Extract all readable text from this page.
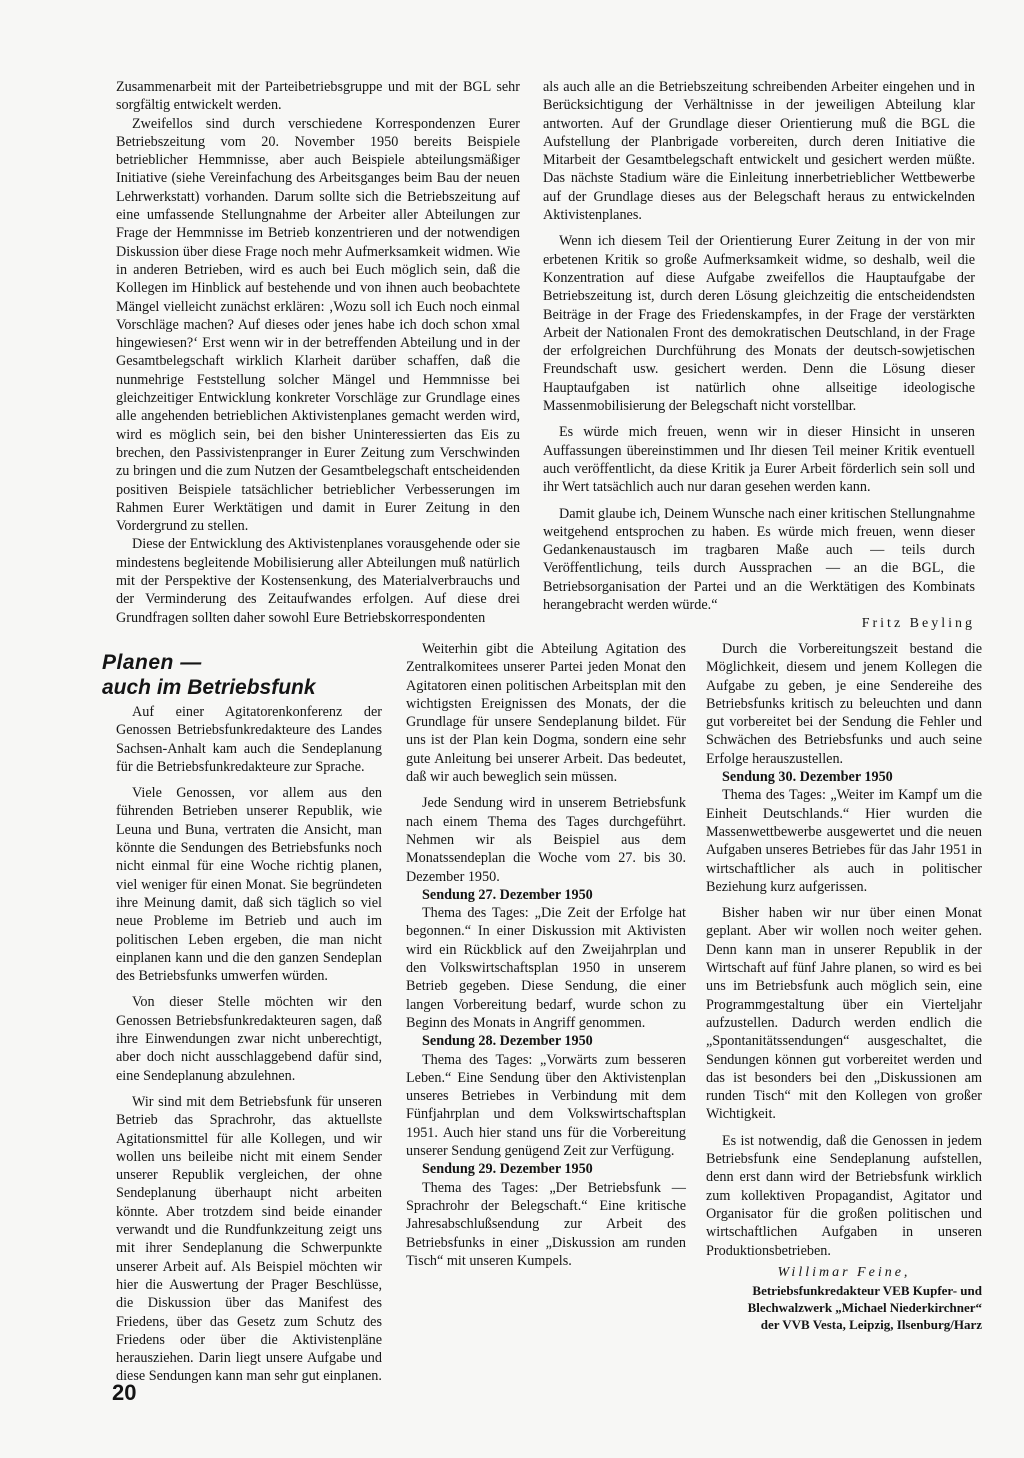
Zusammenarbeit mit der Parteibetriebsgruppe und mit der BGL sehr sorgfältig entwickelt werden.

Zweifellos sind durch verschiedene Korrespondenzen Eurer Betriebszeitung vom 20. November 1950 bereits Beispiele betrieblicher Hemmnisse, aber auch Beispiele abteilungsmäßiger Initiative (siehe Vereinfachung des Arbeitsganges beim Bau der neuen Lehrwerkstatt) vorhanden. Darum sollte sich die Betriebszeitung auf eine umfassende Stellungnahme der Arbeiter aller Abteilungen zur Frage der Hemmnisse im Betrieb konzentrieren und der notwendigen Diskussion über diese Frage noch mehr Aufmerksamkeit widmen. Wie in anderen Betrieben, wird es auch bei Euch möglich sein, daß die Kollegen im Hinblick auf bestehende und von ihnen auch beobachtete Mängel vielleicht zunächst erklären: ‚Wozu soll ich Euch noch einmal Vorschläge machen? Auf dieses oder jenes habe ich doch schon xmal hingewiesen?‘ Erst wenn wir in der betreffenden Abteilung und in der Gesamtbelegschaft wirklich Klarheit darüber schaffen, daß die nunmehrige Feststellung solcher Mängel und Hemmnisse bei gleichzeitiger Entwicklung konkreter Vorschläge zur Grundlage eines alle angehenden betrieblichen Aktivistenplanes gemacht werden wird, wird es möglich sein, bei den bisher Uninteressierten das Eis zu brechen, den Passivistenpranger in Eurer Zeitung zum Verschwinden zu bringen und die zum Nutzen der Gesamtbelegschaft entscheidenden positiven Beispiele tatsächlicher betrieblicher Verbesserungen im Rahmen Eurer Werktätigen und damit in Eurer Zeitung in den Vordergrund zu stellen.

Diese der Entwicklung des Aktivistenplanes vorausgehende oder sie mindestens begleitende Mobilisierung aller Abteilungen muß natürlich mit der Perspektive der Kostensenkung, des Materialverbrauchs und der Verminderung des Zeitaufwandes erfolgen. Auf diese drei Grundfragen sollten daher sowohl Eure Betriebskorrespondenten

als auch alle an die Betriebszeitung schreibenden Arbeiter eingehen und in Berücksichtigung der Verhältnisse in der jeweiligen Abteilung klar antworten. Auf der Grundlage dieser Orientierung muß die BGL die Aufstellung der Planbrigade vorbereiten, durch deren Initiative die Mitarbeit der Gesamtbelegschaft entwickelt und gesichert werden müßte. Das nächste Stadium wäre die Einleitung innerbetrieblicher Wettbewerbe auf der Grundlage dieses aus der Belegschaft heraus zu entwickelnden Aktivistenplanes.

Wenn ich diesem Teil der Orientierung Eurer Zeitung in der von mir erbetenen Kritik so große Aufmerksamkeit widme, so deshalb, weil die Konzentration auf diese Aufgabe zweifellos die Hauptaufgabe der Betriebszeitung ist, durch deren Lösung gleichzeitig die entscheidendsten Beiträge in der Frage des Friedenskampfes, in der Frage der verstärkten Arbeit der Nationalen Front des demokratischen Deutschland, in der Frage der erfolgreichen Durchführung des Monats der deutsch-sowjetischen Freundschaft usw. gesichert werden. Denn die Lösung dieser Hauptaufgaben ist natürlich ohne allseitige ideologische Massenmobilisierung der Belegschaft nicht vorstellbar.

Es würde mich freuen, wenn wir in dieser Hinsicht in unseren Auffassungen übereinstimmen und Ihr diesen Teil meiner Kritik eventuell auch veröffentlicht, da diese Kritik ja Eurer Arbeit förderlich sein soll und ihr Wert tatsächlich auch nur daran gesehen werden kann.

Damit glaube ich, Deinem Wunsche nach einer kritischen Stellungnahme weitgehend entsprochen zu haben. Es würde mich freuen, wenn dieser Gedankenaustausch im tragbaren Maße auch — teils durch Veröffentlichung, teils durch Aussprachen — an die BGL, die Betriebsorganisation der Partei und an die Werktätigen des Kombinats herangebracht werden würde.“

Fritz Beyling
Planen —
auch im Betriebsfunk

Auf einer Agitatorenkonferenz der Genossen Betriebsfunkredakteure des Landes Sachsen-Anhalt kam auch die Sendeplanung für die Betriebsfunkredakteure zur Sprache.

Viele Genossen, vor allem aus den führenden Betrieben unserer Republik, wie Leuna und Buna, vertraten die Ansicht, man könnte die Sendungen des Betriebsfunks noch nicht einmal für eine Woche richtig planen, viel weniger für einen Monat. Sie begründeten ihre Meinung damit, daß sich täglich so viel neue Probleme im Betrieb und auch im politischen Leben ergeben, die man nicht einplanen kann und die den ganzen Sendeplan des Betriebsfunks umwerfen würden.

Von dieser Stelle möchten wir den Genossen Betriebsfunkredakteuren sagen, daß ihre Einwendungen zwar nicht unberechtigt, aber doch nicht ausschlaggebend dafür sind, eine Sendeplanung abzulehnen.

Wir sind mit dem Betriebsfunk für unseren Betrieb das Sprachrohr, das aktuellste Agitationsmittel für alle Kollegen, und wir wollen uns beileibe nicht mit einem Sender unserer Republik vergleichen, der ohne Sendeplanung überhaupt nicht arbeiten könnte. Aber trotzdem sind beide einander verwandt und die Rundfunkzeitung zeigt uns mit ihrer Sendeplanung die Schwerpunkte unserer Arbeit auf. Als Beispiel möchten wir hier die Auswertung der Prager Beschlüsse, die Diskussion über das Manifest des Friedens, über das Gesetz zum Schutz des Friedens oder über die Aktivistenpläne herausziehen. Darin liegt unsere Aufgabe und diese Sendungen kann man sehr gut einplanen.

Weiterhin gibt die Abteilung Agitation des Zentralkomitees unserer Partei jeden Monat den Agitatoren einen politischen Arbeitsplan mit den wichtigsten Ereignissen des Monats, der die Grundlage für unsere Sendeplanung bildet. Für uns ist der Plan kein Dogma, sondern eine sehr gute Anleitung bei unserer Arbeit. Das bedeutet, daß wir auch beweglich sein müssen.

Jede Sendung wird in unserem Betriebsfunk nach einem Thema des Tages durchgeführt. Nehmen wir als Beispiel aus dem Monatssendeplan die Woche vom 27. bis 30. Dezember 1950.

Sendung 27. Dezember 1950

Thema des Tages: „Die Zeit der Erfolge hat begonnen.“ In einer Diskussion mit Aktivisten wird ein Rückblick auf den Zweijahrplan und den Volkswirtschaftsplan 1950 in unserem Betrieb gegeben. Diese Sendung, die einer langen Vorbereitung bedarf, wurde schon zu Beginn des Monats in Angriff genommen.

Sendung 28. Dezember 1950

Thema des Tages: „Vorwärts zum besseren Leben.“ Eine Sendung über den Aktivistenplan unseres Betriebes in Verbindung mit dem Fünfjahrplan und dem Volkswirtschaftsplan 1951. Auch hier stand uns für die Vorbereitung unserer Sendung genügend Zeit zur Verfügung.

Sendung 29. Dezember 1950

Thema des Tages: „Der Betriebsfunk — Sprachrohr der Belegschaft.“ Eine kritische Jahresabschlußsendung zur Arbeit des Betriebsfunks in einer „Diskussion am runden Tisch“ mit unseren Kumpels.

Durch die Vorbereitungszeit bestand die Möglichkeit, diesem und jenem Kollegen die Aufgabe zu geben, je eine Sendereihe des Betriebsfunks kritisch zu beleuchten und dann gut vorbereitet bei der Sendung die Fehler und Schwächen des Betriebsfunks und auch seine Erfolge herauszustellen.

Sendung 30. Dezember 1950

Thema des Tages: „Weiter im Kampf um die Einheit Deutschlands.“ Hier wurden die Massenwettbewerbe ausgewertet und die neuen Aufgaben unseres Betriebes für das Jahr 1951 in wirtschaftlicher als auch in politischer Beziehung kurz aufgerissen.

Bisher haben wir nur über einen Monat geplant. Aber wir wollen noch weiter gehen. Denn kann man in unserer Republik in der Wirtschaft auf fünf Jahre planen, so wird es bei uns im Betriebsfunk auch möglich sein, eine Programmgestaltung über ein Vierteljahr aufzustellen. Dadurch werden endlich die „Spontanitätssendungen“ ausgeschaltet, die Sendungen können gut vorbereitet werden und das ist besonders bei den „Diskussionen am runden Tisch“ mit den Kollegen von großer Wichtigkeit.

Es ist notwendig, daß die Genossen in jedem Betriebsfunk eine Sendeplanung aufstellen, denn erst dann wird der Betriebsfunk wirklich zum kollektiven Propagandist, Agitator und Organisator für die großen politischen und wirtschaftlichen Aufgaben in unseren Produktionsbetrieben.

Willimar Feine,
Betriebsfunkredakteur VEB Kupfer- und
Blechwalzwerk „Michael Niederkirchner“
der VVB Vesta, Leipzig, Ilsenburg/Harz
20
